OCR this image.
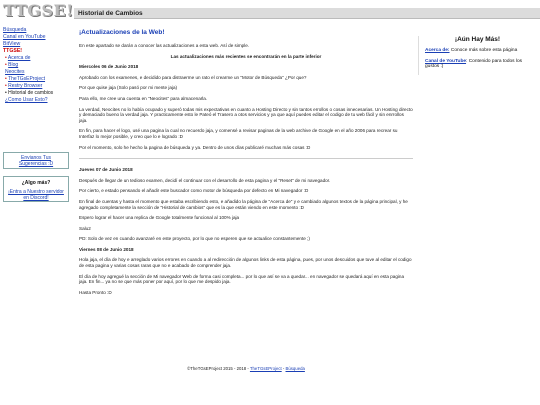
TTGSE! Historial de Cambios
Búsqueda
Canal en YouTube
BitView
TTGSE!
• Acerca de
• Blog
Neocites
• TheTGsEProject
• Restry Browser
• Historial de cambios
¿Como Usar Esto?
Envianos Tus
Sugerencias :D
¿Algo más?
¡Entra a Nuestro servidor
en Discord!
¡Actualizaciones de la Web!

En este apartado se darán a conocer las actualizaciones a esta web. Así de simple.

Las actualizaciones más recientes se encontrarán en la parte inferior

Miercoles 06 de Junio 2018

Aprobado con los examenes, e decidido para distraerme un rato el crearme un "Motor de Búsqueda" ¿Por que?

Por que quise jaja (Solo pasó por mi mente jaja)

Para ello, me cree una cuenta en "Neocites" para almacenarla.

La verdad, Neocites no lo había ocupado y superó todas mis expectativas en cuanto a Hosting Directo y sin tantos errollos o cosas innecesarias. Un Hosting directo y demaciado bueno la verdad jaja. Y practicamente esto le Pateó el Trasero a otos servicios y ya que aquí puedes editar el codigo de tu web fácil y sin enrrollos jaja.

En fin, para hacer el logo, usé una pagina la cual no recuerdo jaja, y comensé a revisar paginas de la web archive de Google en el año 2006 para recrear su Interfaz lo mejor posible, y creo que lo e logrado :D

Por el momento, solo he hecho la pagina de búsqueda y ya. Dentro de unos días publicaré muchas más cosas :D

Jueves 07 de Junio 2018

Después de llegar de un tedioso examen, decidí el continuar con el desarrollo de esta pagina y el "Reset" de mi navegador.

Por cierto, e estado pensando el añadir este buscador como motor de búsqueda por defecto en Mi navegador :D

En final de cuentas y hasta el momento que estaba escribiendo esto, e añadido la página de "Acerca de" y e cambiado algunos textos de la página principal, y he agregado completamente la sección de "Historial de cambios" que es la que están viendo en este momento :D

Espero lograr el hacer una replica de Google totalmente funcional al 100% jaja

Salu2

PD: Solo de vez en cuando avanzaré en este proyecto, por lo que no esperen que se actualice constantemente ;)

Viernes 08 de Junio 2018

Hola jaja, el día de hoy e arreglado varios errores en cuando a al redirección de algunos links de esta página, pues, por unos descuidos que tuve al editar el codigo de esta pagina y varias cosas raras que no e acabado de comprender jaja.

El día de hoy agregué la sección de Mi navegador Web de forma casi completa... por lo que así se va a quedar... en navegador se quedará aquí en esta pagina jaja. En fin... ya no se que más poner por aquí, por lo que me despido jaja.

Hasta Pronto :D

©TheTGsEProject 2015 - 2018 - TheTGsEProject - Búsqueda
¡Aún Hay Más!
Acerca de: Conoce más sobre esta página
Canal de YouTube: Contenido para todos los gustos :)
